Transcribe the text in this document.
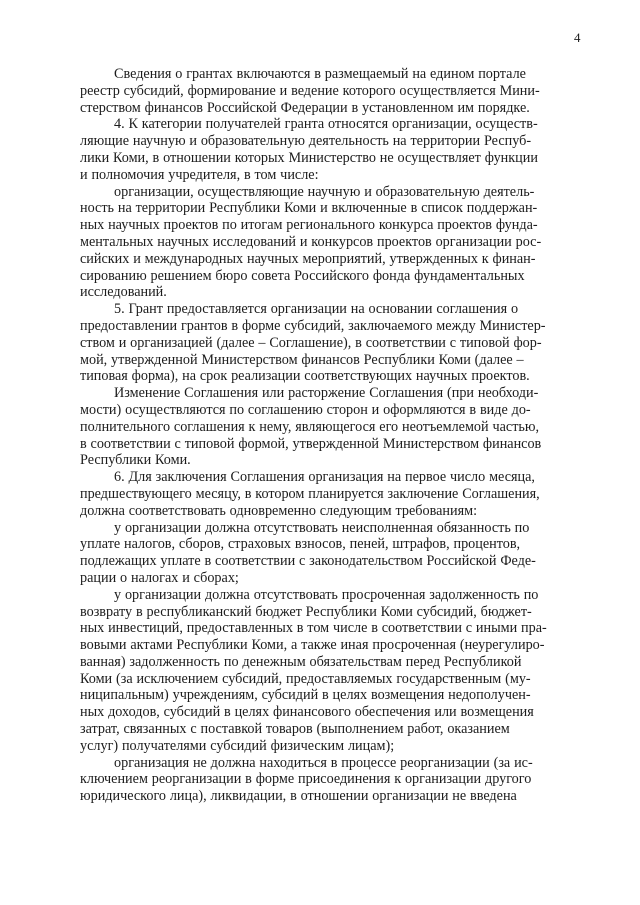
4

Сведения о грантах включаются в размещаемый на едином портале
реестр субсидий, формирование и ведение которого осуществляется Мини-
стерством финансов Российской Федерации в установленном им порядке.

4. К категории получателей гранта относятся организации, осуществ-
ляющие научную и образовательную деятельность на территории Респуб-
лики Коми, в отношении которых Министерство не осуществляет функции
и полномочия учредителя, в том числе:

организации, осуществляющие научную и образовательную деятель-
ность на территории Республики Коми и включенные в список поддержан-
ных научных проектов по итогам регионального конкурса проектов фунда-
ментальных научных исследований и конкурсов проектов организации рос-
сийских и международных научных мероприятий, утвержденных к финан-
сированию решением бюро совета Российского фонда фундаментальных
исследований.

5. Грант предоставляется организации на основании соглашения о
предоставлении грантов в форме субсидий, заключаемого между Министер-
ством и организацией (далее – Соглашение), в соответствии с типовой фор-
мой, утвержденной Министерством финансов Республики Коми (далее –
типовая форма), на срок реализации соответствующих научных проектов.

Изменение Соглашения или расторжение Соглашения (при необходи-
мости) осуществляются по соглашению сторон и оформляются в виде до-
полнительного соглашения к нему, являющегося его неотъемлемой частью,
в соответствии с типовой формой, утвержденной Министерством финансов
Республики Коми.

6. Для заключения Соглашения организация на первое число месяца,
предшествующего месяцу, в котором планируется заключение Соглашения,
должна соответствовать одновременно следующим требованиям:

у организации должна отсутствовать неисполненная обязанность по
уплате налогов, сборов, страховых взносов, пеней, штрафов, процентов,
подлежащих уплате в соответствии с законодательством Российской Феде-
рации о налогах и сборах;

у организации должна отсутствовать просроченная задолженность по
возврату в республиканский бюджет Республики Коми субсидий, бюджет-
ных инвестиций, предоставленных в том числе в соответствии с иными пра-
вовыми актами Республики Коми, а также иная просроченная (неурегулиро-
ванная) задолженность по денежным обязательствам перед Республикой
Коми (за исключением субсидий, предоставляемых государственным (му-
ниципальным) учреждениям, субсидий в целях возмещения недополучен-
ных доходов, субсидий в целях финансового обеспечения или возмещения
затрат, связанных с поставкой товаров (выполнением работ, оказанием
услуг) получателями субсидий физическим лицам);

организация не должна находиться в процессе реорганизации (за ис-
ключением реорганизации в форме присоединения к организации другого
юридического лица), ликвидации, в отношении организации не введена
